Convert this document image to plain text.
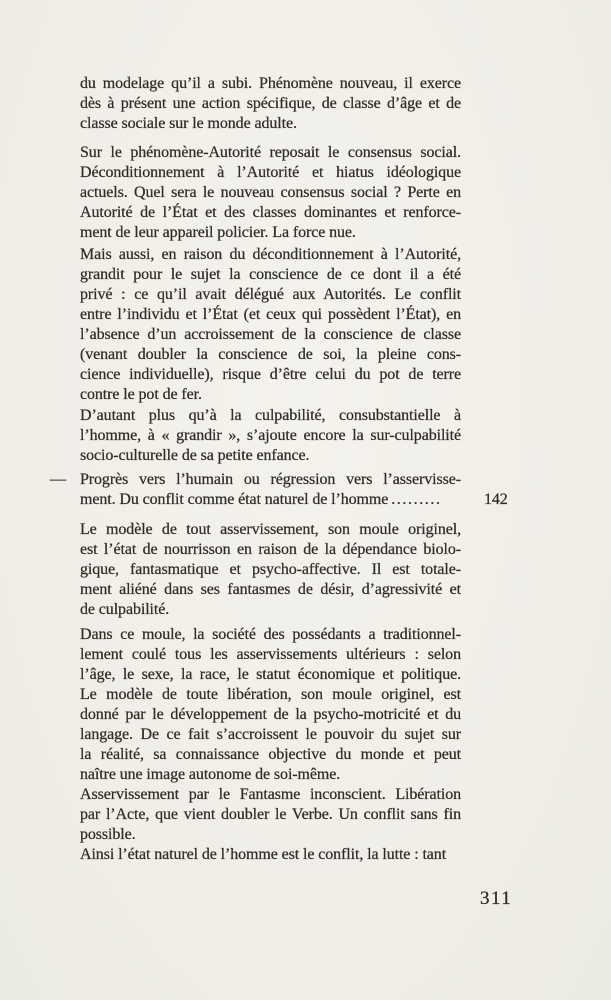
du modelage qu’il a subi. Phénomène nouveau, il exerce
dès à présent une action spécifique, de classe d’âge et de
classe sociale sur le monde adulte.
Sur le phénomène-Autorité reposait le consensus social.
Déconditionnement à l’Autorité et hiatus idéologique
actuels. Quel sera le nouveau consensus social ? Perte en
Autorité de l’État et des classes dominantes et renforce-
ment de leur appareil policier. La force nue.
Mais aussi, en raison du déconditionnement à l’Autorité,
grandit pour le sujet la conscience de ce dont il a été
privé : ce qu’il avait délégué aux Autorités. Le conflit
entre l’individu et l’État (et ceux qui possèdent l’État), en
l’absence d’un accroissement de la conscience de classe
(venant doubler la conscience de soi, la pleine cons-
cience individuelle), risque d’être celui du pot de terre
contre le pot de fer.
D’autant plus qu’à la culpabilité, consubstantielle à
l’homme, à « grandir », s’ajoute encore la sur-culpabilité
socio-culturelle de sa petite enfance.
— Progrès vers l’humain ou régression vers l’asservisse-
ment. Du conflit comme état naturel de l’homme .........	142
Le modèle de tout asservissement, son moule originel,
est l’état de nourrisson en raison de la dépendance biolo-
gique, fantasmatique et psycho-affective. Il est totale-
ment aliéné dans ses fantasmes de désir, d’agressivité et
de culpabilité.
Dans ce moule, la société des possédants a traditionnel-
lement coulé tous les asservissements ultérieurs : selon
l’âge, le sexe, la race, le statut économique et politique.
Le modèle de toute libération, son moule originel, est
donné par le développement de la psycho-motricité et du
langage. De ce fait s’accroissent le pouvoir du sujet sur
la réalité, sa connaissance objective du monde et peut
naître une image autonome de soi-même.
Asservissement par le Fantasme inconscient. Libération
par l’Acte, que vient doubler le Verbe. Un conflit sans fin
possible.
Ainsi l’état naturel de l’homme est le conflit, la lutte : tant
311
